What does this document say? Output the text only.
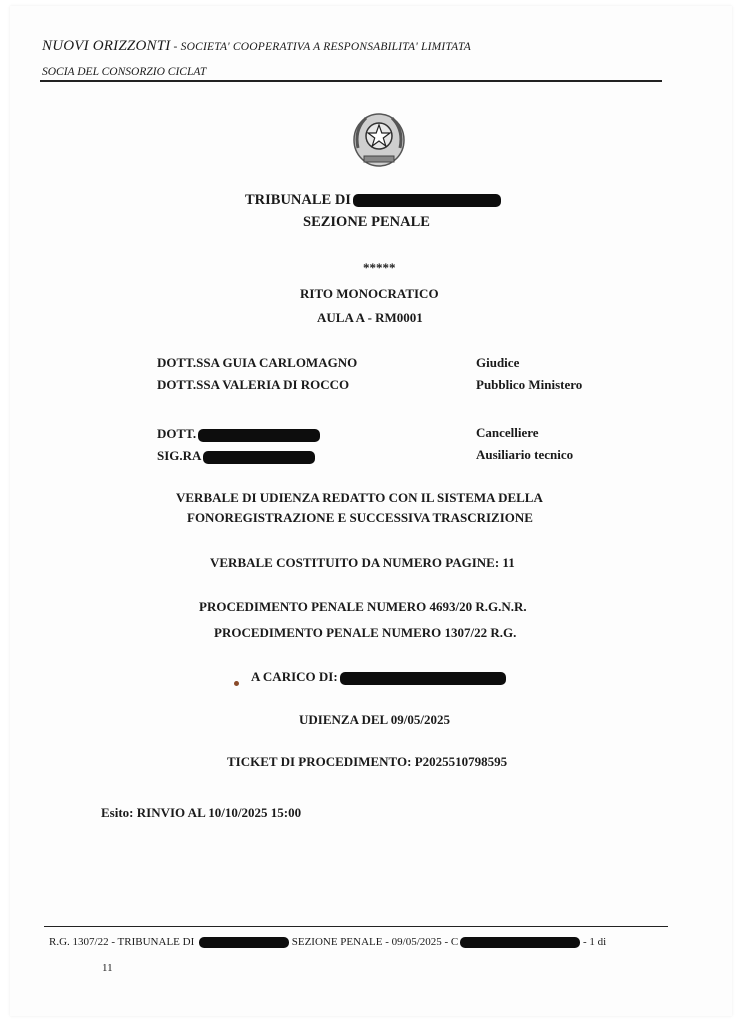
NUOVI ORIZZONTI - SOCIETA' COOPERATIVA A RESPONSABILITA' LIMITATA
SOCIA DEL CONSORZIO CICLAT
TRIBUNALE DI
SEZIONE PENALE
*****
RITO MONOCRATICO
AULA A - RM0001
DOTT.SSA GUIA CARLOMAGNO	Giudice
DOTT.SSA VALERIA DI ROCCO	Pubblico Ministero
DOTT.	Cancelliere
SIG.RA	Ausiliario tecnico
VERBALE DI UDIENZA REDATTO CON IL SISTEMA DELLA
FONOREGISTRAZIONE E SUCCESSIVA TRASCRIZIONE
VERBALE COSTITUITO DA NUMERO PAGINE: 11
PROCEDIMENTO PENALE NUMERO 4693/20 R.G.N.R.
PROCEDIMENTO PENALE NUMERO 1307/22 R.G.
A CARICO DI:
UDIENZA DEL 09/05/2025
TICKET DI PROCEDIMENTO: P2025510798595
Esito: RINVIO AL 10/10/2025 15:00
R.G. 1307/22 - TRIBUNALE DI	SEZIONE PENALE - 09/05/2025 - C	- 1 di
11
